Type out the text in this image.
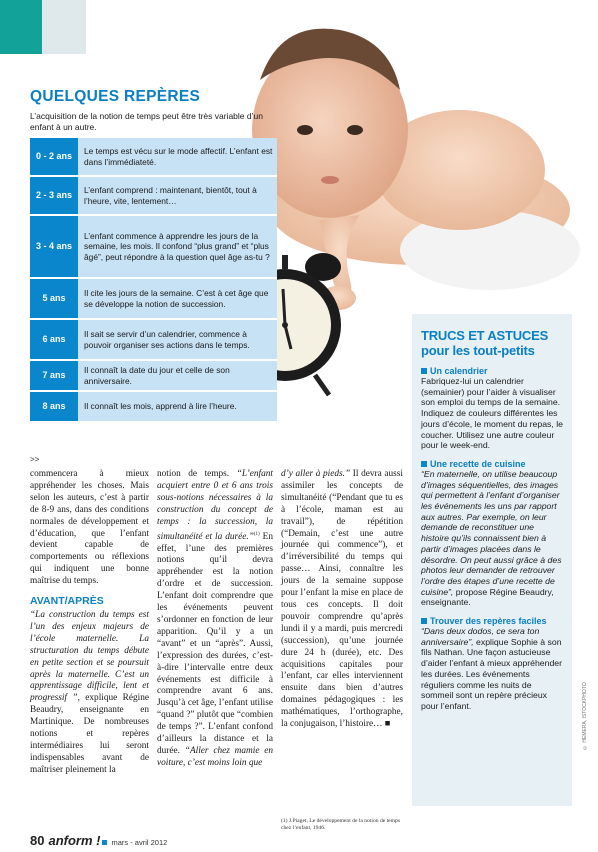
© HEMERA, ISTOCKPHOTO
QUELQUES REPÈRES
L’acquisition de la notion de temps peut être très variable d’un enfant à un autre.
0 - 2 ans	Le temps est vécu sur le mode affectif. L’enfant est dans l’immédiateté.
2 - 3 ans	L’enfant comprend : maintenant, bientôt, tout à l’heure, vite, lentement…
3 - 4 ans	L’enfant commence à apprendre les jours de la semaine, les mois. Il confond “plus grand” et “plus âgé”, peut répondre à la question quel âge as-tu ?
5 ans	Il cite les jours de la semaine. C’est à cet âge que se développe la notion de succession.
6 ans	Il sait se servir d’un calendrier, commence à pouvoir organiser ses actions dans le temps.
7 ans	Il connaît la date du jour et celle de son anniversaire.
8 ans	Il connaît les mois, apprend à lire l’heure.
>>

commencera à mieux appréhender les choses. Mais selon les auteurs, c’est à partir de 8-9 ans, dans des conditions normales de développement et d’éducation, que l’enfant devient capable de comportements ou réflexions qui indiquent une bonne maîtrise du temps.

AVANT/APRÈS

“La construction du temps est l’un des enjeux majeurs de l’école maternelle. La structuration du temps débute en petite section et se poursuit après la maternelle. C’est un apprentissage difficile, lent et progressif ”, explique Régine Beaudry, enseignante en Martinique. De nombreuses notions et repères intermédiaires lui seront indispensables avant de maîtriser pleinement la

notion de temps. “L’enfant acquiert entre 0 et 6 ans trois sous-notions nécessaires à la construction du concept de temps : la succession, la simultanéité et la durée.”$^{(1)}$ En effet, l’une des premières notions qu’il devra appréhender est la notion d’ordre et de succession. L’enfant doit comprendre que les événements peuvent s’ordonner en fonction de leur apparition. Qu’il y a un “avant” et un “après”. Aussi, l’expression des durées, c’est-à-dire l’intervalle entre deux événements est difficile à comprendre avant 6 ans. Jusqu’à cet âge, l’enfant utilise “quand ?” plutôt que “combien de temps ?”. L’enfant confond d’ailleurs la distance et la durée. “Aller chez mamie en voiture, c’est moins loin que

d’y aller à pieds.” Il devra aussi assimiler les concepts de simultanéité (“Pendant que tu es à l’école, maman est au travail”), de répétition (“Demain, c’est une autre journée qui commence”), et d’irréversibilité du temps qui passe… Ainsi, connaître les jours de la semaine suppose pour l’enfant la mise en place de tous ces concepts. Il doit pouvoir comprendre qu’après lundi il y a mardi, puis mercredi (succession), qu’une journée dure 24 h (durée), etc. Des acquisitions capitales pour l’enfant, car elles interviennent ensuite dans bien d’autres domaines pédagogiques : les mathématiques, l’orthographe, la conjugaison, l’histoire… ■

(1) J.Piaget, Le développement de la notion de temps chez l’enfant, 1946.
TRUCS ET ASTUCES
pour les tout-petits
Un calendrier
Fabriquez-lui un calendrier (semainier) pour l’aider à visualiser son emploi du temps de la semaine. Indiquez de couleurs différentes les jours d’école, le moment du repas, le coucher. Utilisez une autre couleur pour le week-end.
Une recette de cuisine
“En maternelle, on utilise beaucoup d’images séquentielles, des images qui permettent à l’enfant d’organiser les événements les uns par rapport aux autres. Par exemple, on leur demande de reconstituer une histoire qu’ils connaissent bien à partir d’images placées dans le désordre. On peut aussi grâce à des photos leur demander de retrouver l’ordre des étapes d’une recette de cuisine”, propose Régine Beaudry, enseignante.
Trouver des repères faciles
“Dans deux dodos, ce sera ton anniversaire”, explique Sophie à son fils Nathan. Une façon astucieuse d’aider l’enfant à mieux appréhender les durées. Les événements réguliers comme les nuits de sommeil sont un repère précieux pour l’enfant.
80 anform ! mars - avril 2012
